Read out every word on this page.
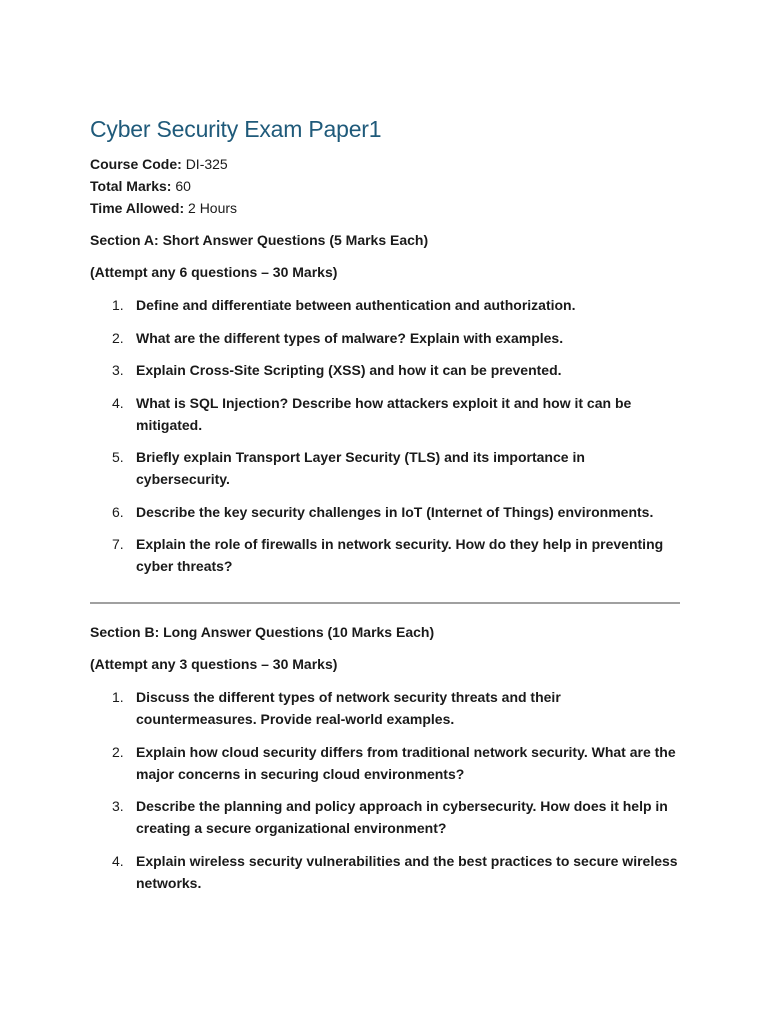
Cyber Security Exam Paper1
Course Code: DI-325
Total Marks: 60
Time Allowed: 2 Hours
Section A: Short Answer Questions (5 Marks Each)
(Attempt any 6 questions – 30 Marks)
1. Define and differentiate between authentication and authorization.
2. What are the different types of malware? Explain with examples.
3. Explain Cross-Site Scripting (XSS) and how it can be prevented.
4. What is SQL Injection? Describe how attackers exploit it and how it can be mitigated.
5. Briefly explain Transport Layer Security (TLS) and its importance in cybersecurity.
6. Describe the key security challenges in IoT (Internet of Things) environments.
7. Explain the role of firewalls in network security. How do they help in preventing cyber threats?
Section B: Long Answer Questions (10 Marks Each)
(Attempt any 3 questions – 30 Marks)
1. Discuss the different types of network security threats and their countermeasures. Provide real-world examples.
2. Explain how cloud security differs from traditional network security. What are the major concerns in securing cloud environments?
3. Describe the planning and policy approach in cybersecurity. How does it help in creating a secure organizational environment?
4. Explain wireless security vulnerabilities and the best practices to secure wireless networks.
